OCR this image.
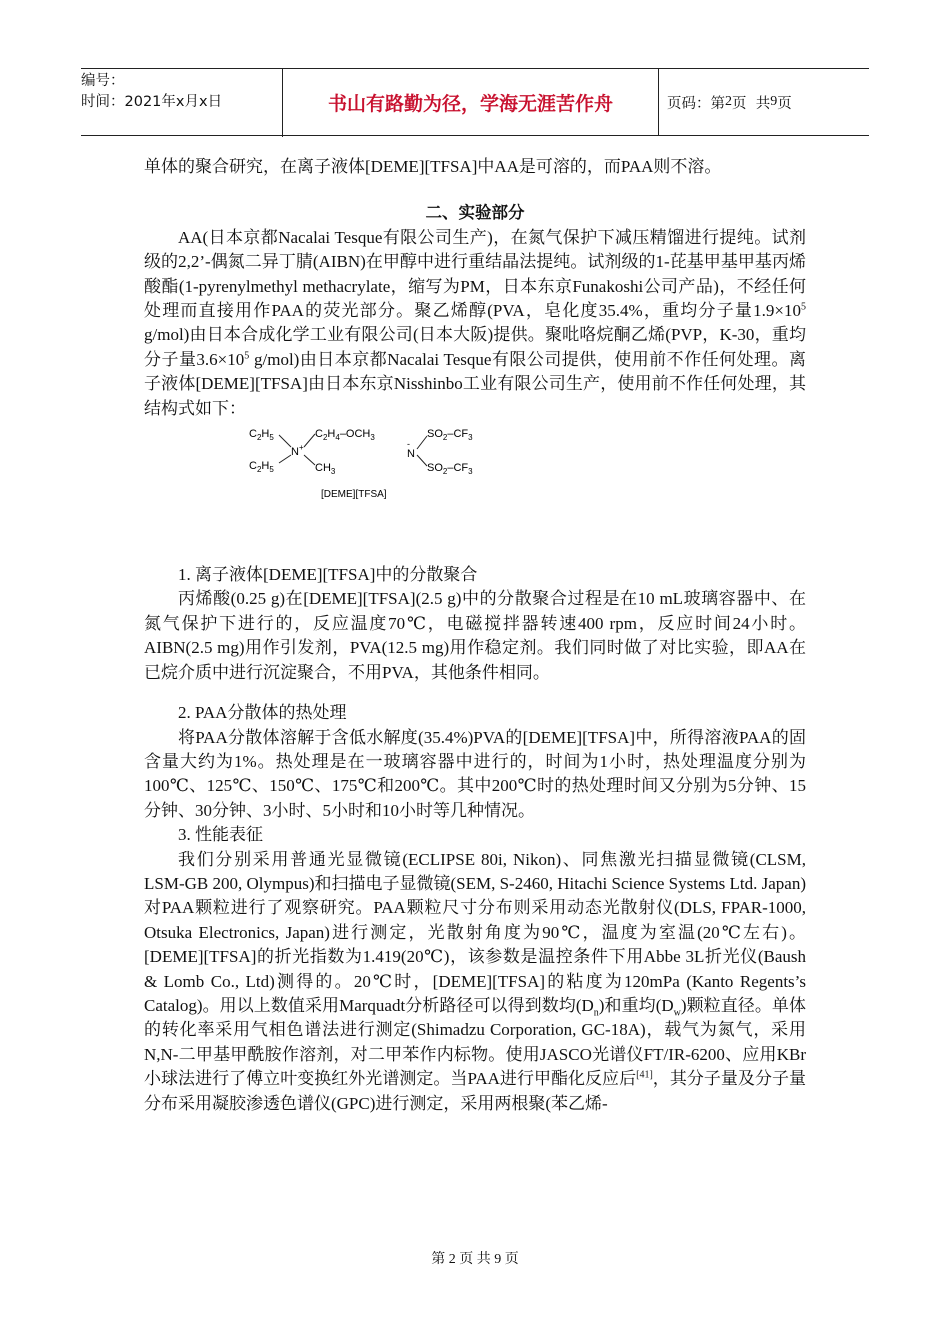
编号：
时间：2021年x月x日	书山有路勤为径，学海无涯苦作舟	页码：第 2 页  共 9 页

单体的聚合研究，在离子液体[DEME][TFSA]中AA是可溶的，而PAA则不溶。

二、实验部分

AA(日本京都Nacalai Tesque有限公司生产)，在氮气保护下减压精馏进行提纯。试剂级的2,2’-偶氮二异丁腈(AIBN)在甲醇中进行重结晶法提纯。试剂级的1-芘基甲基甲基丙烯酸酯(1-pyrenylmethyl methacrylate，缩写为PM，日本东京Funakoshi公司产品)，不经任何处理而直接用作PAA的荧光部分。聚乙烯醇(PVA，皂化度35.4%，重均分子量$1.9\times 10^5$ g/mol)由日本合成化学工业有限公司(日本大阪)提供。聚吡咯烷酮乙烯(PVP，K-30，重均分子量$3.6\times 10^5$ g/mol)由日本京都Nacalai Tesque有限公司提供，使用前不作任何处理。离子液体[DEME][TFSA]由日本东京Nisshinbo工业有限公司生产，使用前不作任何处理，其结构式如下：

$C_2H_5$
$C_2H_5$
N+
$C_2H_4-OCH_3$
$CH_3$
-
N
$SO_2-CF_3$
$SO_2-CF_3$
[DEME][TFSA]

1. 离子液体[DEME][TFSA]中的分散聚合

丙烯酸(0.25 g)在[DEME][TFSA](2.5 g)中的分散聚合过程是在10 mL玻璃容器中、在氮气保护下进行的，反应温度70℃，电磁搅拌器转速400 rpm，反应时间24小时。AIBN(2.5 mg)用作引发剂，PVA(12.5 mg)用作稳定剂。我们同时做了对比实验，即AA在已烷介质中进行沉淀聚合，不用PVA，其他条件相同。

2. PAA分散体的热处理

将PAA分散体溶解于含低水解度(35.4%)PVA的[DEME][TFSA]中，所得溶液PAA的固含量大约为1%。热处理是在一玻璃容器中进行的，时间为1小时，热处理温度分别为100℃、125℃、150℃、175℃和200℃。其中200℃时的热处理时间又分别为5分钟、15分钟、30分钟、3小时、5小时和10小时等几种情况。

3. 性能表征

我们分别采用普通光显微镜(ECLIPSE 80i, Nikon)、同焦激光扫描显微镜(CLSM, LSM-GB 200, Olympus)和扫描电子显微镜(SEM, S-2460, Hitachi Science Systems Ltd. Japan)对PAA颗粒进行了观察研究。PAA颗粒尺寸分布则采用动态光散射仪(DLS, FPAR-1000, Otsuka Electronics, Japan)进行测定，光散射角度为90℃，温度为室温(20℃左右)。[DEME][TFSA]的折光指数为1.419(20℃)，该参数是温控条件下用Abbe 3L折光仪(Baush & Lomb Co., Ltd)测得的。20℃时，[DEME][TFSA]的粘度为120mPa (Kanto Regents’s Catalog)。用以上数值采用Marquadt分析路径可以得到数均$(D_n)$和重均$(D_w)$颗粒直径。单体的转化率采用气相色谱法进行测定(Shimadzu Corporation, GC-18A)，载气为氮气，采用N,N-二甲基甲酰胺作溶剂，对二甲苯作内标物。使用JASCO光谱仪FT/IR-6200、应用KBr小球法进行了傅立叶变换红外光谱测定。当PAA进行甲酯化反应后[41]，其分子量及分子量分布采用凝胶渗透色谱仪(GPC)进行测定，采用两根聚(苯乙烯-

第 2 页 共 9 页
